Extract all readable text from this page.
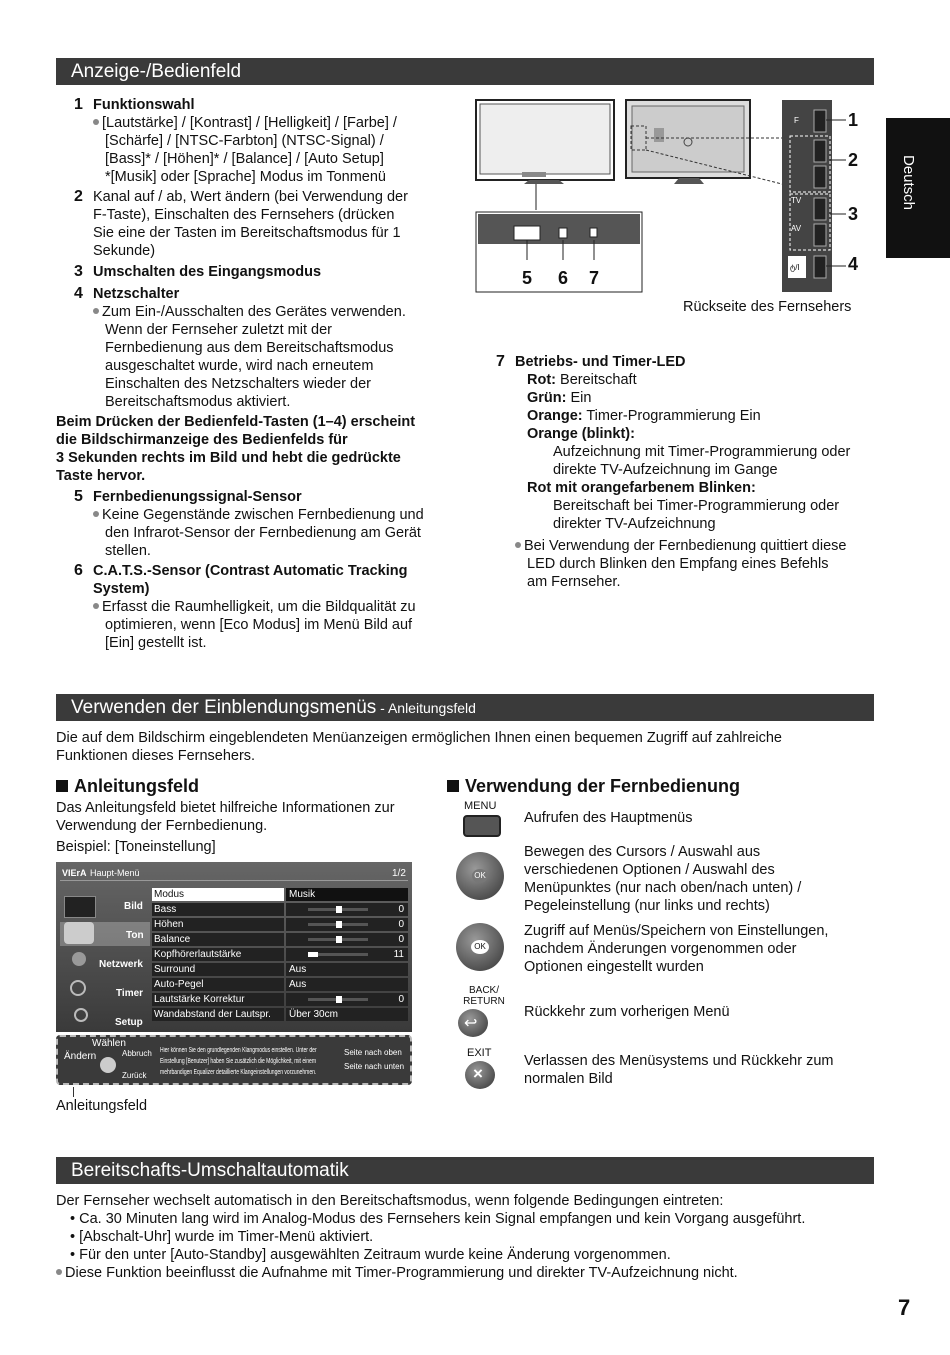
Deutsch
Anzeige-/Bedienfeld
1 Funktionswahl
[Lautstärke] / [Kontrast] / [Helligkeit] / [Farbe] /
[Schärfe] / [NTSC-Farbton] (NTSC-Signal) /
[Bass]* / [Höhen]* / [Balance] / [Auto Setup]
*[Musik] oder [Sprache] Modus im Tonmenü
2 Kanal auf / ab, Wert ändern (bei Verwendung der
F-Taste), Einschalten des Fernsehers (drücken
Sie eine der Tasten im Bereitschaftsmodus für 1
Sekunde)
3 Umschalten des Eingangsmodus
4 Netzschalter
Zum Ein-/Ausschalten des Gerätes verwenden.
Wenn der Fernseher zuletzt mit der
Fernbedienung aus dem Bereitschaftsmodus
ausgeschaltet wurde, wird nach erneutem
Einschalten des Netzschalters wieder der
Bereitschaftsmodus aktiviert.
Beim Drücken der Bedienfeld-Tasten (1–4) erscheint
die Bildschirmanzeige des Bedienfelds für
3 Sekunden rechts im Bild und hebt die gedrückte
Taste hervor.
5 Fernbedienungssignal-Sensor
Keine Gegenstände zwischen Fernbedienung und
den Infrarot-Sensor der Fernbedienung am Gerät
stellen.
6 C.A.T.S.-Sensor (Contrast Automatic Tracking
System)
Erfasst die Raumhelligkeit, um die Bildqualität zu
optimieren, wenn [Eco Modus] im Menü Bild auf
[Ein] gestellt ist.
F
TV
AV
ტ/I
1
2
3
4
5 6 7
Rückseite des Fernsehers
7 Betriebs- und Timer-LED
Rot: Bereitschaft
Grün: Ein
Orange: Timer-Programmierung Ein
Orange (blinkt):
Aufzeichnung mit Timer-Programmierung oder
direkte TV-Aufzeichnung im Gange
Rot mit orangefarbenem Blinken:
Bereitschaft bei Timer-Programmierung oder
direkter TV-Aufzeichnung
Bei Verwendung der Fernbedienung quittiert diese
LED durch Blinken den Empfang eines Befehls
am Fernseher.
Verwenden der Einblendungsmenüs - Anleitungsfeld
Die auf dem Bildschirm eingeblendeten Menüanzeigen ermöglichen Ihnen einen bequemen Zugriff auf zahlreiche
Funktionen dieses Fernsehers.
Anleitungsfeld
Das Anleitungsfeld bietet hilfreiche Informationen zur
Verwendung der Fernbedienung.
Beispiel: [Toneinstellung]
VIErA Haupt-Menü	1/2
Bild
Ton
Netzwerk
Timer
Setup
Modus	Musik
Bass	0
Höhen	0
Balance	0
Kopfhörerlautstärke	11
Surround	Aus
Auto-Pegel	Aus
Lautstärke Korrektur	0
Wandabstand der Lautspr.	Über 30cm
Wählen
Ändern	Abbruch
Zurück
Hier können Sie den grundlegenden Klangmodus einstellen. Unter der
Einstellung [Benutzer] haben Sie zusätzlich die Möglichkeit, mit einem
mehrbandigen Equalizer detaillierte Klangeinstellungen vorzunehmen.
Seite nach oben
Seite nach unten
Anleitungsfeld
Verwendung der Fernbedienung
MENU
Aufrufen des Hauptmenüs
OK
Bewegen des Cursors / Auswahl aus
verschiedenen Optionen / Auswahl des
Menüpunktes (nur nach oben/nach unten) /
Pegeleinstellung (nur links und rechts)
OK
Zugriff auf Menüs/Speichern von Einstellungen,
nachdem Änderungen vorgenommen oder
Optionen eingestellt wurden
BACK/ RETURN
↩
Rückkehr zum vorherigen Menü
EXIT
×
Verlassen des Menüsystems und Rückkehr zum
normalen Bild
Bereitschafts-Umschaltautomatik
Der Fernseher wechselt automatisch in den Bereitschaftsmodus, wenn folgende Bedingungen eintreten:
• Ca. 30 Minuten lang wird im Analog-Modus des Fernsehers kein Signal empfangen und kein Vorgang ausgeführt.
• [Abschalt-Uhr] wurde im Timer-Menü aktiviert.
• Für den unter [Auto-Standby] ausgewählten Zeitraum wurde keine Änderung vorgenommen.
Diese Funktion beeinflusst die Aufnahme mit Timer-Programmierung und direkter TV-Aufzeichnung nicht.
7
